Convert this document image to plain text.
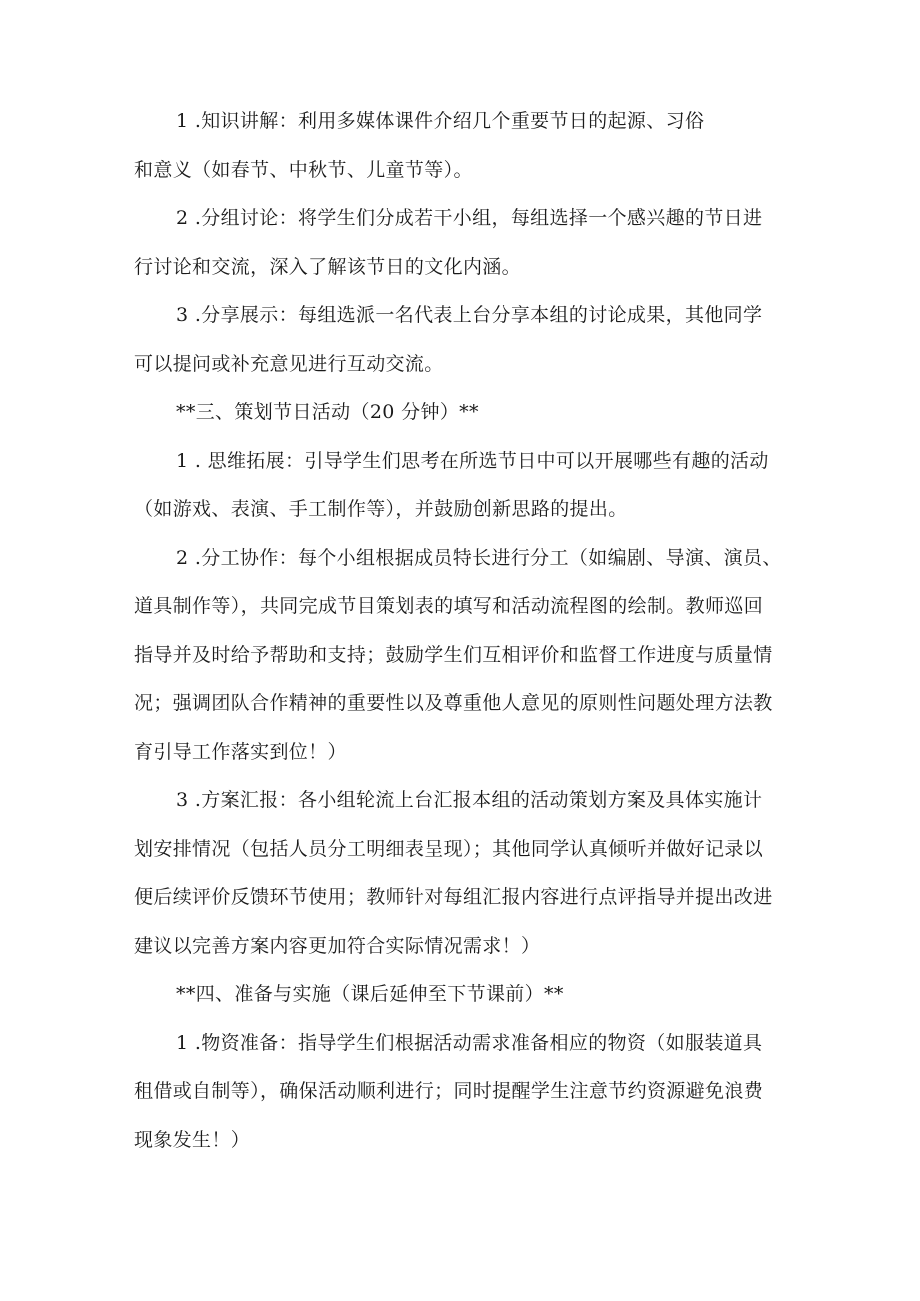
1 .知识讲解：利用多媒体课件介绍几个重要节日的起源、习俗
和意义（如春节、中秋节、儿童节等）。
2 .分组讨论：将学生们分成若干小组，每组选择一个感兴趣的节日进
行讨论和交流，深入了解该节日的文化内涵。
3 .分享展示：每组选派一名代表上台分享本组的讨论成果，其他同学
可以提问或补充意见进行互动交流。
**三、策划节日活动（20 分钟）**
1 . 思维拓展：引导学生们思考在所选节日中可以开展哪些有趣的活动
（如游戏、表演、手工制作等），并鼓励创新思路的提出。
2 .分工协作：每个小组根据成员特长进行分工（如编剧、导演、演员、
道具制作等），共同完成节目策划表的填写和活动流程图的绘制。教师巡回
指导并及时给予帮助和支持；鼓励学生们互相评价和监督工作进度与质量情
况；强调团队合作精神的重要性以及尊重他人意见的原则性问题处理方法教
育引导工作落实到位！）
3 .方案汇报：各小组轮流上台汇报本组的活动策划方案及具体实施计
划安排情况（包括人员分工明细表呈现）；其他同学认真倾听并做好记录以
便后续评价反馈环节使用；教师针对每组汇报内容进行点评指导并提出改进
建议以完善方案内容更加符合实际情况需求！）
**四、准备与实施（课后延伸至下节课前）**
1 .物资准备：指导学生们根据活动需求准备相应的物资（如服装道具
租借或自制等），确保活动顺利进行；同时提醒学生注意节约资源避免浪费
现象发生！）
